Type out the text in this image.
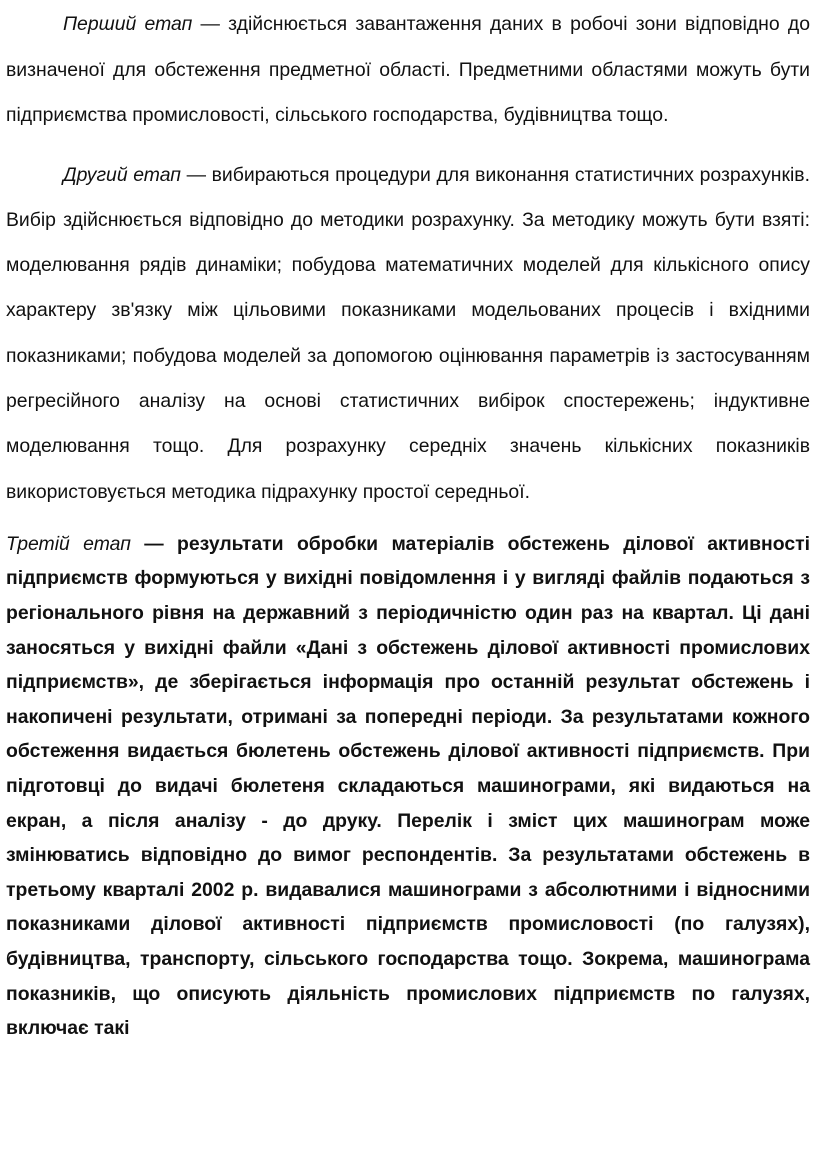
Перший етап — здійснюється завантаження даних в робочі зони відповідно до визначеної для обстеження предметної області. Предметними областями можуть бути підприємства промисловості, сільського господарства, будівництва тощо.

Другий етап — вибираються процедури для виконання статистичних розрахунків. Вибір здійснюється відповідно до методики розрахунку. За методику можуть бути взяті: моделювання рядів динаміки; побудова математичних моделей для кількісного опису характеру зв'язку між цільовими показниками модельованих процесів і вхідними показниками; побудова моделей за допомогою оцінювання параметрів із застосуванням регресійного аналізу на основі статистичних вибірок спостережень; індуктивне моделювання тощо. Для розрахунку середніх значень кількісних показників використовується методика підрахунку простої середньої.

Третій етап — результати обробки матеріалів обстежень ділової активності підприємств формуються у вихідні повідомлення і у вигляді файлів подаються з регіонального рівня на державний з періодичністю один раз на квартал. Ці дані заносяться у вихідні файли «Дані з обстежень ділової активності промислових підприємств», де зберігається інформація про останній результат обстежень і накопичені результати, отримані за попередні періоди. За результатами кожного обстеження видається бюлетень обстежень ділової активності підприємств. При підготовці до видачі бюлетеня складаються машинограми, які видаються на екран, а після аналізу - до друку. Перелік і зміст цих машинограм може змінюватись відповідно до вимог респондентів. За результатами обстежень в третьому кварталі 2002 р. видавалися машинограми з абсолютними і відносними показниками ділової активності підприємств промисловості (по галузях), будівництва, транспорту, сільського господарства тощо. Зокрема, машинограма показників, що описують діяльність промислових підприємств по галузях, включає такі
